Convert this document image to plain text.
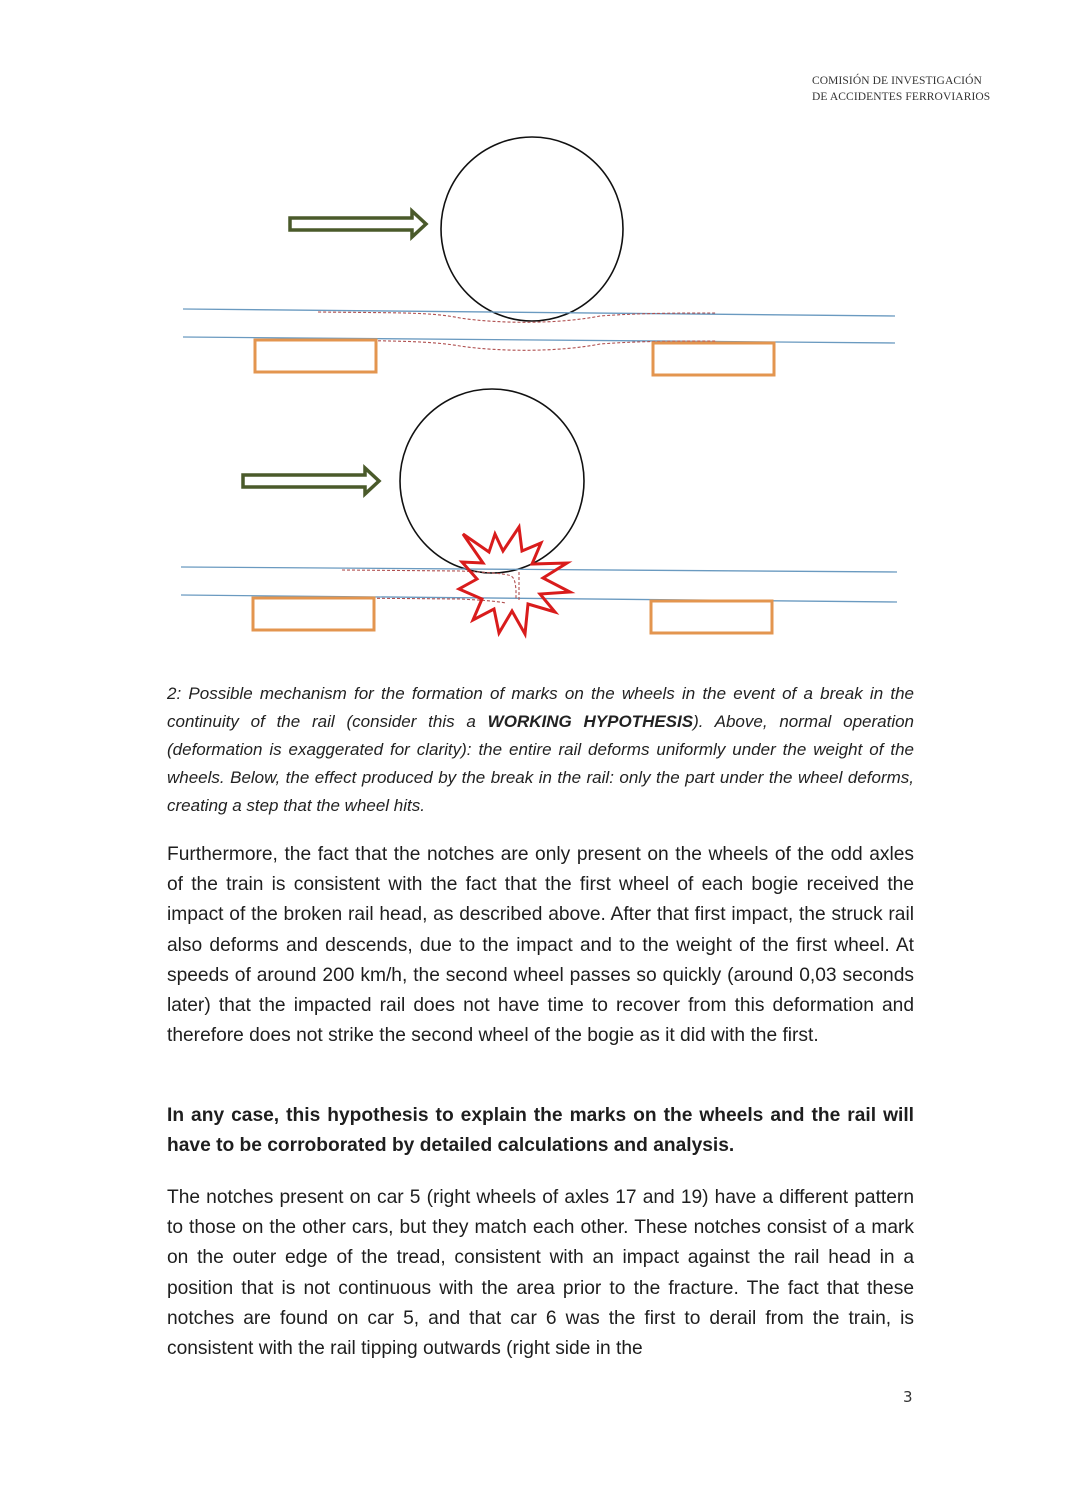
COMISIÓN DE INVESTIGACIÓN
DE ACCIDENTES FERROVIARIOS
2: Possible mechanism for the formation of marks on the wheels in the event of a break in the continuity of the rail (consider this a WORKING HYPOTHESIS). Above, normal operation (deformation is exaggerated for clarity): the entire rail deforms uniformly under the weight of the wheels. Below, the effect produced by the break in the rail: only the part under the wheel deforms, creating a step that the wheel hits.

Furthermore, the fact that the notches are only present on the wheels of the odd axles of the train is consistent with the fact that the first wheel of each bogie received the impact of the broken rail head, as described above. After that first impact, the struck rail also deforms and descends, due to the impact and to the weight of the first wheel. At speeds of around 200 km/h, the second wheel passes so quickly (around 0,03 seconds later) that the impacted rail does not have time to recover from this deformation and therefore does not strike the second wheel of the bogie as it did with the first.

In any case, this hypothesis to explain the marks on the wheels and the rail will have to be corroborated by detailed calculations and analysis.

The notches present on car 5 (right wheels of axles 17 and 19) have a different pattern to those on the other cars, but they match each other. These notches consist of a mark on the outer edge of the tread, consistent with an impact against the rail head in a position that is not continuous with the area prior to the fracture. The fact that these notches are found on car 5, and that car 6 was the first to derail from the train, is consistent with the rail tipping outwards (right side in the

3
